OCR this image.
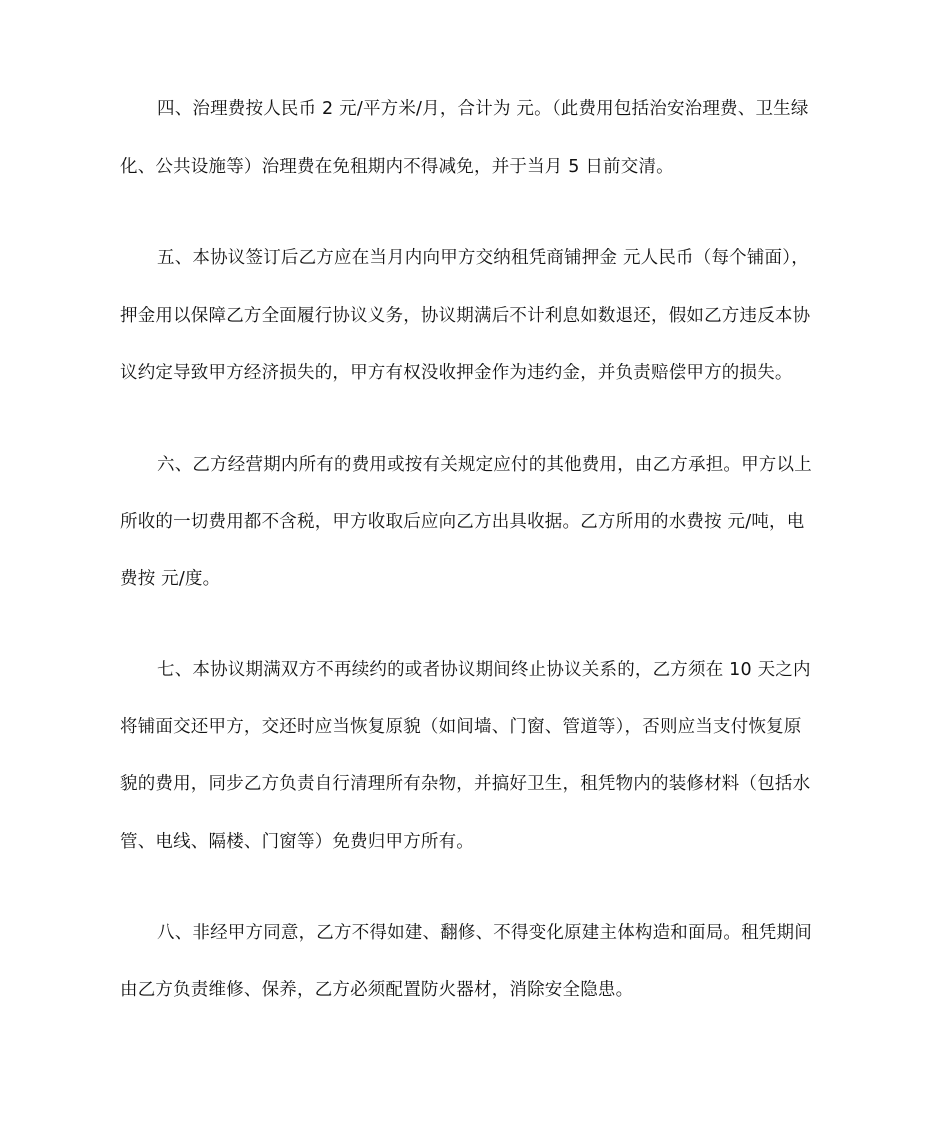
四、治理费按人民币 2 元/平方米/月，合计为 元。（此费用包括治安治理费、卫生绿
化、公共设施等）治理费在免租期内不得减免，并于当月 5 日前交清。
五、本协议签订后乙方应在当月内向甲方交纳租凭商铺押金 元人民币（每个铺面），
押金用以保障乙方全面履行协议义务，协议期满后不计利息如数退还，假如乙方违反本协
议约定导致甲方经济损失的，甲方有权没收押金作为违约金，并负责赔偿甲方的损失。
六、乙方经营期内所有的费用或按有关规定应付的其他费用，由乙方承担。甲方以上
所收的一切费用都不含税，甲方收取后应向乙方出具收据。乙方所用的水费按 元/吨，电
费按 元/度。
七、本协议期满双方不再续约的或者协议期间终止协议关系的，乙方须在 10 天之内
将铺面交还甲方，交还时应当恢复原貌（如间墙、门窗、管道等），否则应当支付恢复原
貌的费用，同步乙方负责自行清理所有杂物，并搞好卫生，租凭物内的装修材料（包括水
管、电线、隔楼、门窗等）免费归甲方所有。
八、非经甲方同意，乙方不得如建、翻修、不得变化原建主体构造和面局。租凭期间
由乙方负责维修、保养，乙方必须配置防火器材，消除安全隐患。
